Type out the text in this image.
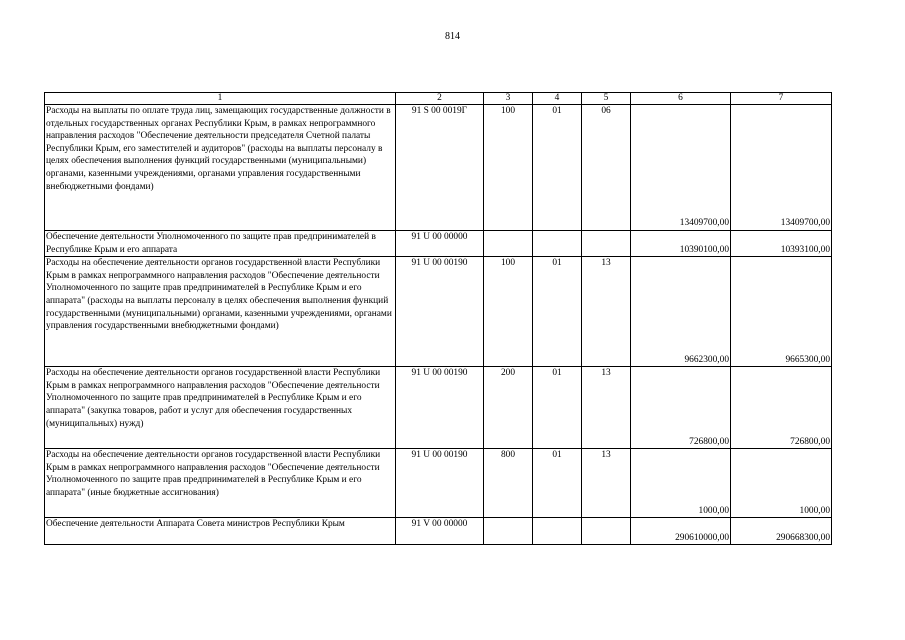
814
1	2	3	4	5	6	7
Расходы на выплаты по оплате труда лиц, замещающих государственные должности в отдельных государственных органах Республики Крым, в рамках непрограммного направления расходов "Обеспечение деятельности председателя Счетной палаты Республики Крым, его заместителей и аудиторов" (расходы на выплаты персоналу в целях обеспечения выполнения функций государственными (муниципальными) органами, казенными учреждениями, органами управления государственными внебюджетными фондами)	91 S 00 0019Г	100	01	06	13409700,00	13409700,00
Обеспечение деятельности Уполномоченного по защите прав предпринимателей в Республике Крым и его аппарата	91 U 00 00000				10390100,00	10393100,00
Расходы на обеспечение деятельности органов государственной власти Республики Крым в рамках непрограммного направления расходов "Обеспечение деятельности Уполномоченного по защите прав предпринимателей в Республике Крым и его аппарата" (расходы на выплаты персоналу в целях обеспечения выполнения функций государственными (муниципальными) органами, казенными учреждениями, органами управления государственными внебюджетными фондами)	91 U 00 00190	100	01	13	9662300,00	9665300,00
Расходы на обеспечение деятельности органов государственной власти Республики Крым в рамках непрограммного направления расходов "Обеспечение деятельности Уполномоченного по защите прав предпринимателей в Республике Крым и его аппарата" (закупка товаров, работ и услуг для обеспечения государственных (муниципальных) нужд)	91 U 00 00190	200	01	13	726800,00	726800,00
Расходы на обеспечение деятельности органов государственной власти Республики Крым в рамках непрограммного направления расходов "Обеспечение деятельности Уполномоченного по защите прав предпринимателей в Республике Крым и его аппарата" (иные бюджетные ассигнования)	91 U 00 00190	800	01	13	1000,00	1000,00
Обеспечение деятельности Аппарата Совета министров Республики Крым	91 V 00 00000				290610000,00	290668300,00
